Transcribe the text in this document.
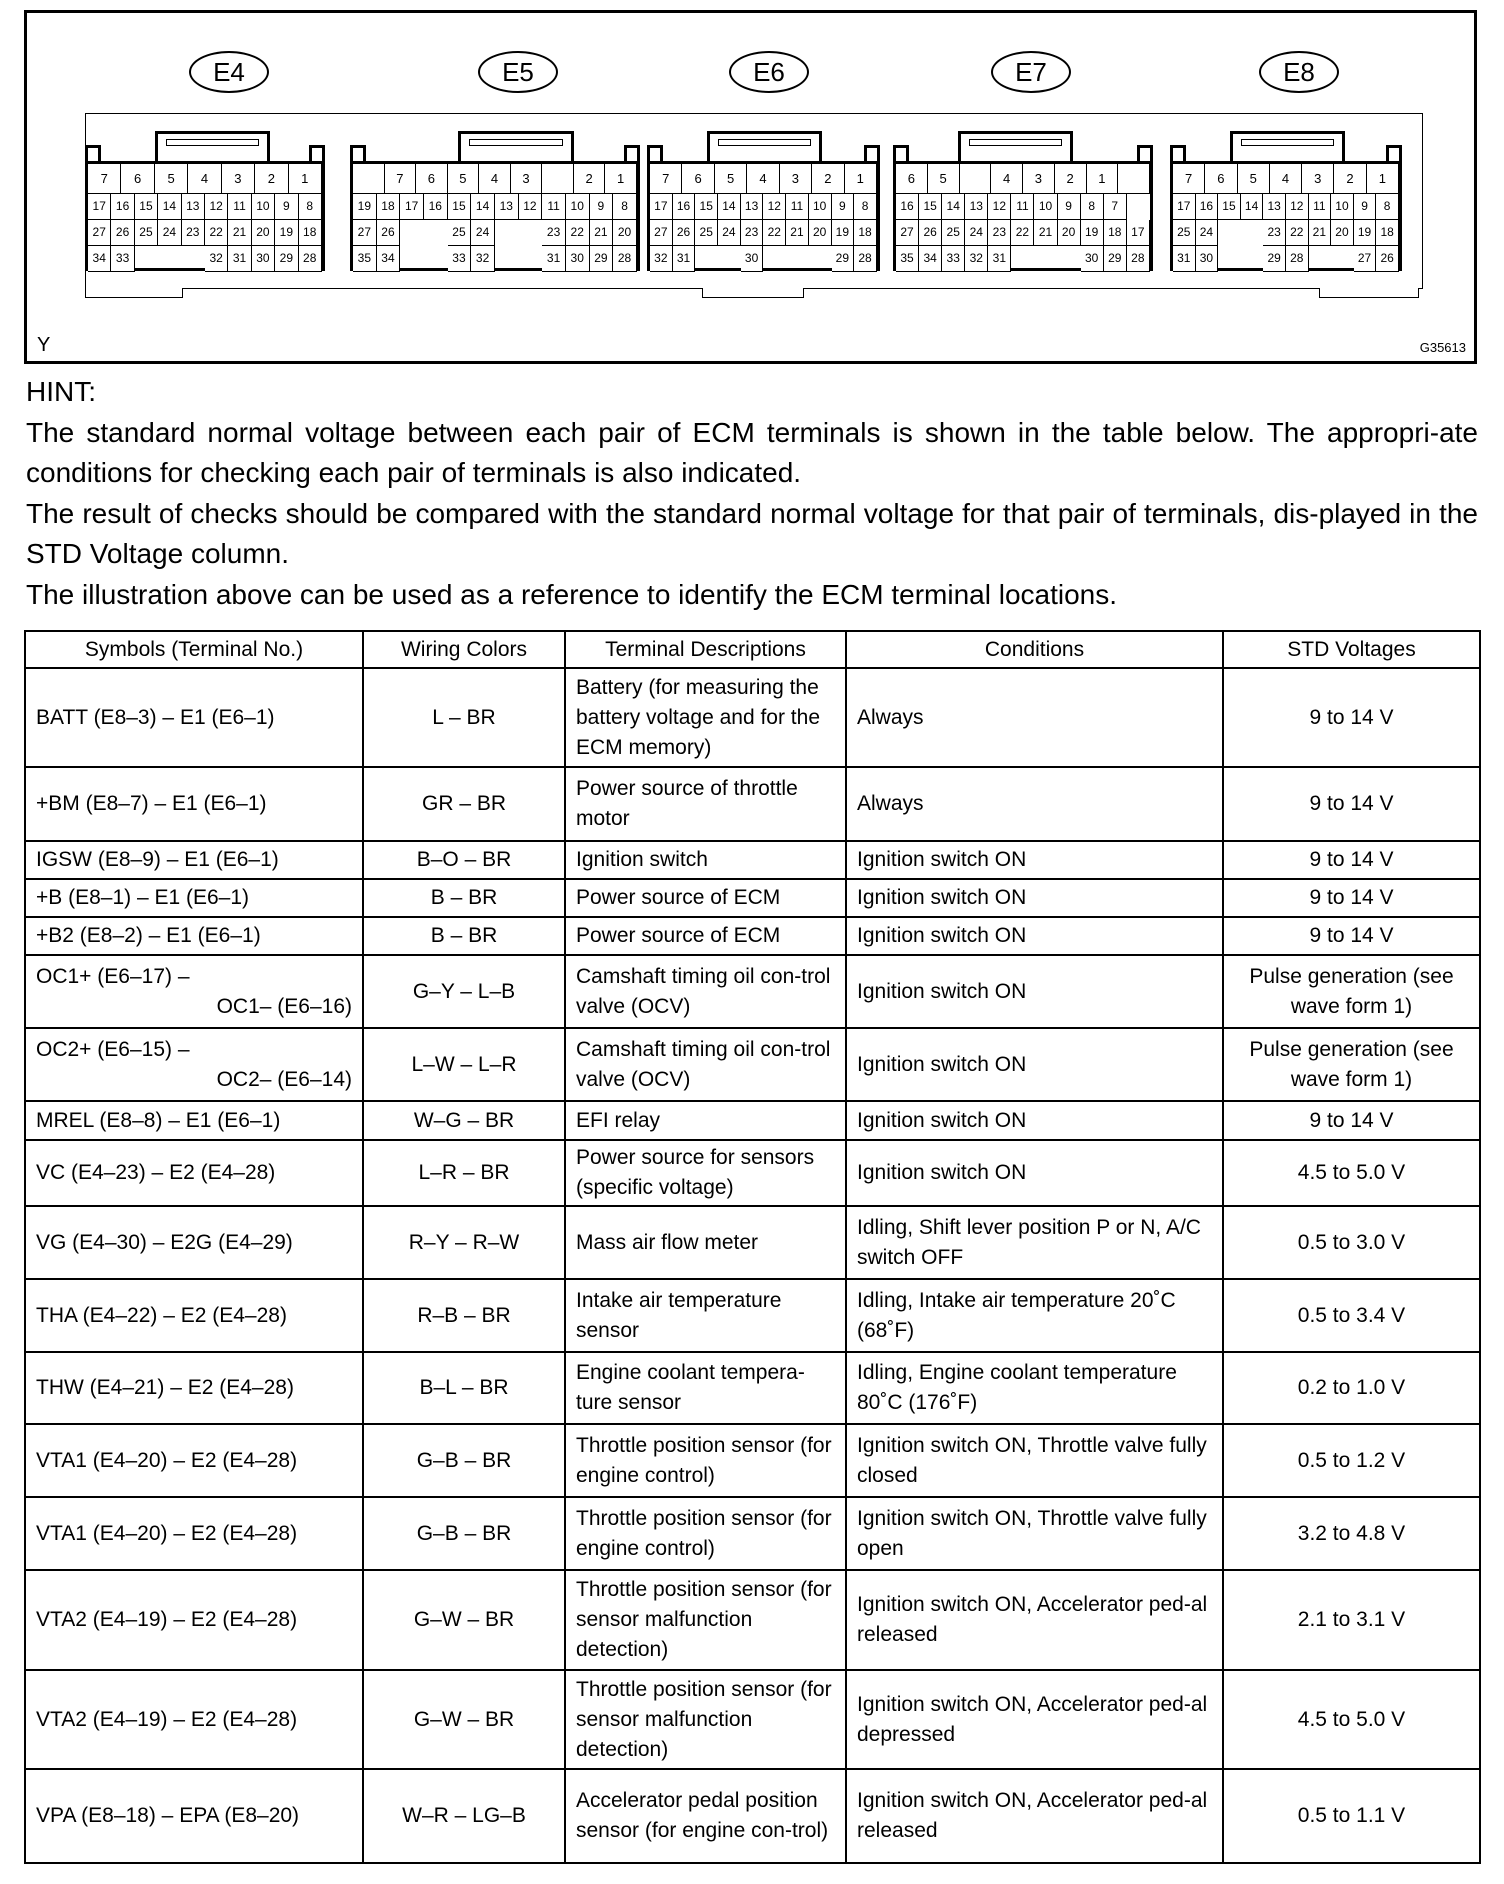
E4	E5	E6	E7	E8
7	6	5	4	3	2	1
17 16 15 14 13 12 11 10	9	8
27 26 25 24 23 22 21 20 19 18
34 33	32 31 30 29 28
7	6	5	4	3	2	1
19 18 17 16 15 14 13 12 11 10	9	8
27 26	25 24	23 22 21 20
35 34	33 32	31 30 29 28
7	6	5	4	3	2	1
17 16 15 14 13 12 11 10	9	8
27 26 25 24 23 22 21 20 19 18
32 31	30	29 28
6	5	4	3	2	1
16 15 14 13 12 11 10	9	8	7
27 26 25 24 23 22 21 20 19 18 17
35 34 33 32 31	30 29 28
7	6	5	4	3	2	1
17 16 15 14 13 12 11 10	9	8
25 24	23 22 21 20 19 18
31 30	29 28	27 26
Y	G35613

HINT:

The standard normal voltage between each pair of ECM terminals is shown in the table below. The appropri-ate conditions for checking each pair of terminals is also indicated.

The result of checks should be compared with the standard normal voltage for that pair of terminals, dis-played in the STD Voltage column.

The illustration above can be used as a reference to identify the ECM terminal locations.

Symbols (Terminal No.)	Wiring Colors	Terminal Descriptions	Conditions	STD Voltages
BATT (E8–3) – E1 (E6–1)	L – BR	Battery (for measuring the battery voltage and for the ECM memory)	Always	9 to 14 V
+BM (E8–7) – E1 (E6–1)	GR – BR	Power source of throttle motor	Always	9 to 14 V
IGSW (E8–9) – E1 (E6–1)	B–O – BR	Ignition switch	Ignition switch ON	9 to 14 V
+B (E8–1) – E1 (E6–1)	B – BR	Power source of ECM	Ignition switch ON	9 to 14 V
+B2 (E8–2) – E1 (E6–1)	B – BR	Power source of ECM	Ignition switch ON	9 to 14 V

OC1+ (E6–17) –
OC1– (E6–16)	G–Y – L–B	Camshaft timing oil con-trol valve (OCV)	Ignition switch ON	Pulse generation (see wave form 1)

OC2+ (E6–15) –
OC2– (E6–14)	L–W – L–R	Camshaft timing oil con-trol valve (OCV)	Ignition switch ON	Pulse generation (see wave form 1)
MREL (E8–8) – E1 (E6–1)	W–G – BR	EFI relay	Ignition switch ON	9 to 14 V
VC (E4–23) – E2 (E4–28)	L–R – BR	Power source for sensors (specific voltage)	Ignition switch ON	4.5 to 5.0 V
VG (E4–30) – E2G (E4–29)	R–Y – R–W	Mass air flow meter	Idling, Shift lever position P or N, A/C switch OFF	0.5 to 3.0 V
THA (E4–22) – E2 (E4–28)	R–B – BR	Intake air temperature sensor	Idling, Intake air temperature 20˚C (68˚F)	0.5 to 3.4 V
THW (E4–21) – E2 (E4–28)	B–L – BR	Engine coolant tempera-ture sensor	Idling, Engine coolant temperature 80˚C (176˚F)	0.2 to 1.0 V
VTA1 (E4–20) – E2 (E4–28)	G–B – BR	Throttle position sensor (for engine control)	Ignition switch ON, Throttle valve fully closed	0.5 to 1.2 V
VTA1 (E4–20) – E2 (E4–28)	G–B – BR	Throttle position sensor (for engine control)	Ignition switch ON, Throttle valve fully open	3.2 to 4.8 V
VTA2 (E4–19) – E2 (E4–28)	G–W – BR	Throttle position sensor (for sensor malfunction detection)	Ignition switch ON, Accelerator ped-al released	2.1 to 3.1 V
VTA2 (E4–19) – E2 (E4–28)	G–W – BR	Throttle position sensor (for sensor malfunction detection)	Ignition switch ON, Accelerator ped-al depressed	4.5 to 5.0 V
VPA (E8–18) – EPA (E8–20)	W–R – LG–B	Accelerator pedal position sensor (for engine con-trol)	Ignition switch ON, Accelerator ped-al released	0.5 to 1.1 V
